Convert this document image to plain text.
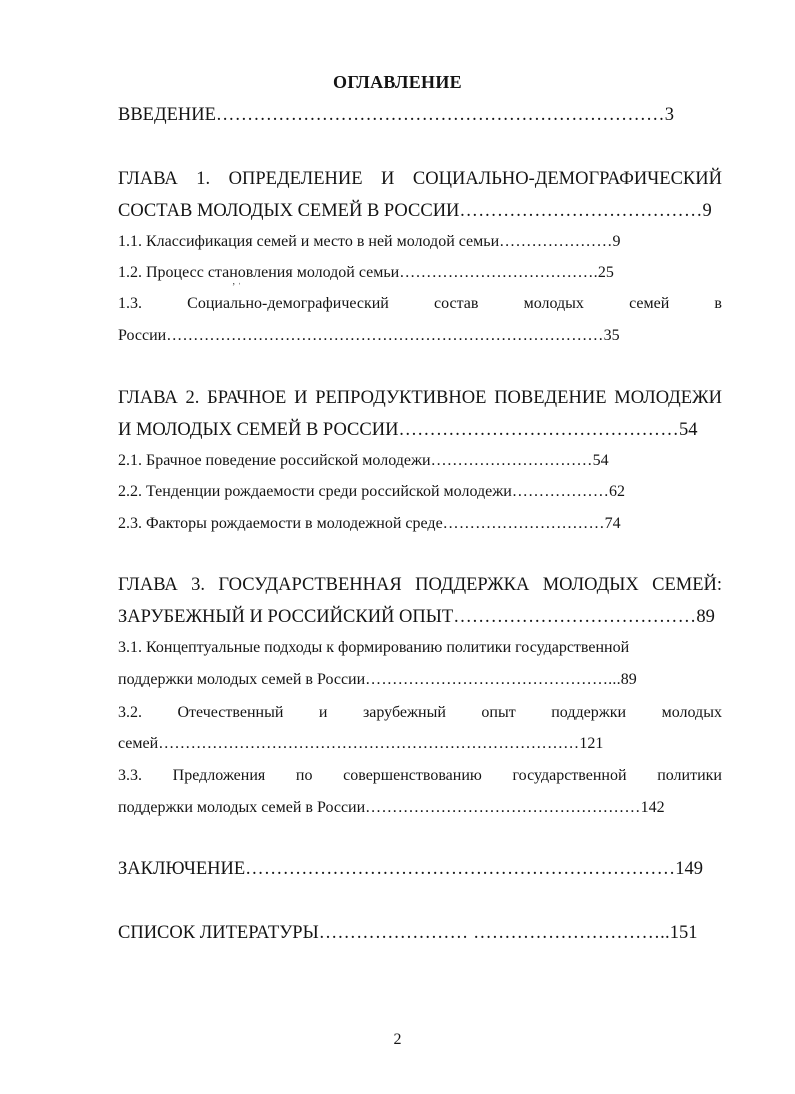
ОГЛАВЛЕНИЕ
ВВЕДЕНИЕ………………………………………………………………3
ГЛАВА 1. ОПРЕДЕЛЕНИЕ И СОЦИАЛЬНО-ДЕМОГРАФИЧЕСКИЙ
СОСТАВ МОЛОДЫХ СЕМЕЙ В РОССИИ…………………………………9
1.1. Классификация семей и место в ней молодой семьи…………………9
1.2. Процесс становления молодой семьи……………………………….25
ʼ ˈ
1.3.	Социально-демографический	состав	молодых	семей	в
России………………………………………………………………………35
ГЛАВА 2. БРАЧНОЕ И РЕПРОДУКТИВНОЕ ПОВЕДЕНИЕ МОЛОДЕЖИ
И МОЛОДЫХ СЕМЕЙ В РОССИИ………………………………………54
2.1. Брачное поведение российской молодежи…………………………54
2.2. Тенденции рождаемости среди российской молодежи………………62
2.3. Факторы рождаемости в молодежной среде…………………………74
ГЛАВА 3. ГОСУДАРСТВЕННАЯ ПОДДЕРЖКА МОЛОДЫХ СЕМЕЙ:
ЗАРУБЕЖНЫЙ И РОССИЙСКИЙ ОПЫТ…………………………………89
3.1. Концептуальные подходы к формированию политики государственной
поддержки молодых семей в России………………………………………...89
3.2. Отечественный и зарубежный опыт поддержки молодых
семей……………………………………………………………………121
3.3. Предложения по совершенствованию государственной политики
поддержки молодых семей в России……………………………………………142
ЗАКЛЮЧЕНИЕ……………………………………………………………149
СПИСОК ЛИТЕРАТУРЫ…………………… …………………………..151
2
